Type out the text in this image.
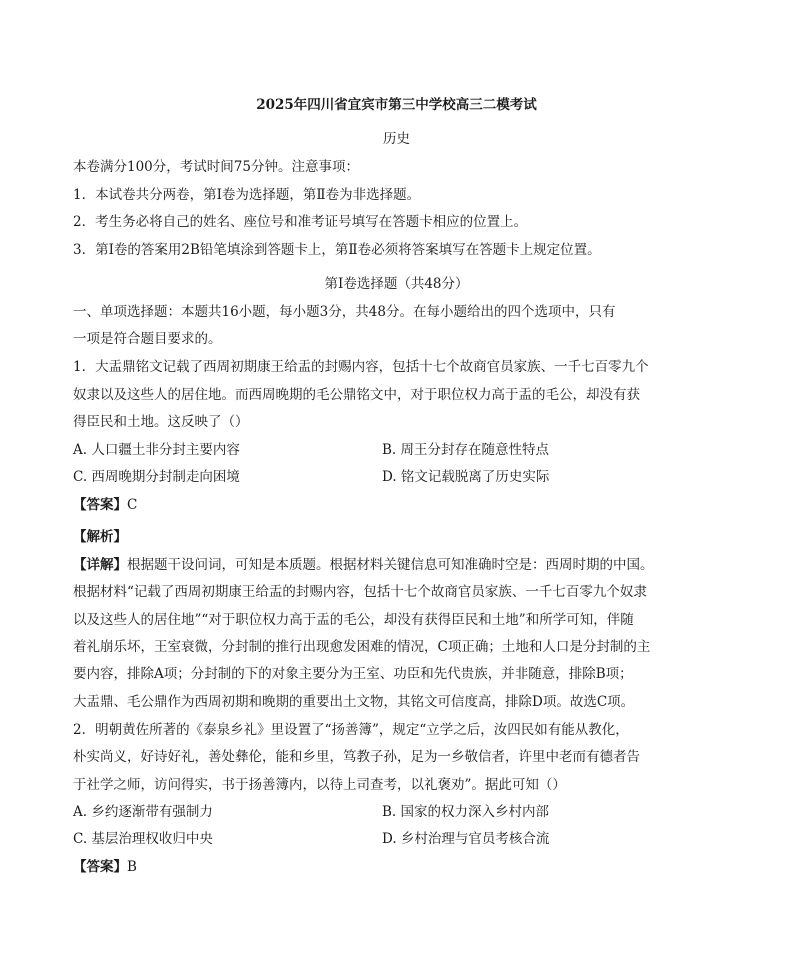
2025年四川省宜宾市第三中学校高三二模考试
历史
本卷满分100分，考试时间75分钟。注意事项：
1．本试卷共分两卷，第Ⅰ卷为选择题，第Ⅱ卷为非选择题。
2．考生务必将自己的姓名、座位号和准考证号填写在答题卡相应的位置上。
3．第Ⅰ卷的答案用2B铅笔填涂到答题卡上，第Ⅱ卷必须将答案填写在答题卡上规定位置。
第Ⅰ卷选择题（共48分）
一、单项选择题：本题共16小题，每小题3分，共48分。在每小题给出的四个选项中，只有
一项是符合题目要求的。
1．大盂鼎铭文记载了西周初期康王给盂的封赐内容，包括十七个故商官员家族、一千七百零九个
奴隶以及这些人的居住地。而西周晚期的毛公鼎铭文中，对于职位权力高于盂的毛公，却没有获
得臣民和土地。这反映了（）
A. 人口疆土非分封主要内容	B. 周王分封存在随意性特点
C. 西周晚期分封制走向困境	D. 铭文记载脱离了历史实际
【答案】C
【解析】
【详解】根据题干设问词，可知是本质题。根据材料关键信息可知准确时空是：西周时期的中国。
根据材料“记载了西周初期康王给盂的封赐内容，包括十七个故商官员家族、一千七百零九个奴隶
以及这些人的居住地”“对于职位权力高于盂的毛公，却没有获得臣民和土地”和所学可知，伴随
着礼崩乐坏，王室衰微，分封制的推行出现愈发困难的情况，C项正确；土地和人口是分封制的主
要内容，排除A项；分封制的下的对象主要分为王室、功臣和先代贵族，并非随意，排除B项；
大盂鼎、毛公鼎作为西周初期和晚期的重要出土文物，其铭文可信度高，排除D项。故选C项。
2．明朝黄佐所著的《泰泉乡礼》里设置了“扬善簿”，规定“立学之后，汝四民如有能从教化，
朴实尚义，好诗好礼，善处彝伦，能和乡里，笃教子孙，足为一乡敬信者，许里中老而有德者告
于社学之师，访问得实，书于扬善簿内，以待上司查考，以礼褒劝”。据此可知（）
A. 乡约逐渐带有强制力	B. 国家的权力深入乡村内部
C. 基层治理权收归中央	D. 乡村治理与官员考核合流
【答案】B
